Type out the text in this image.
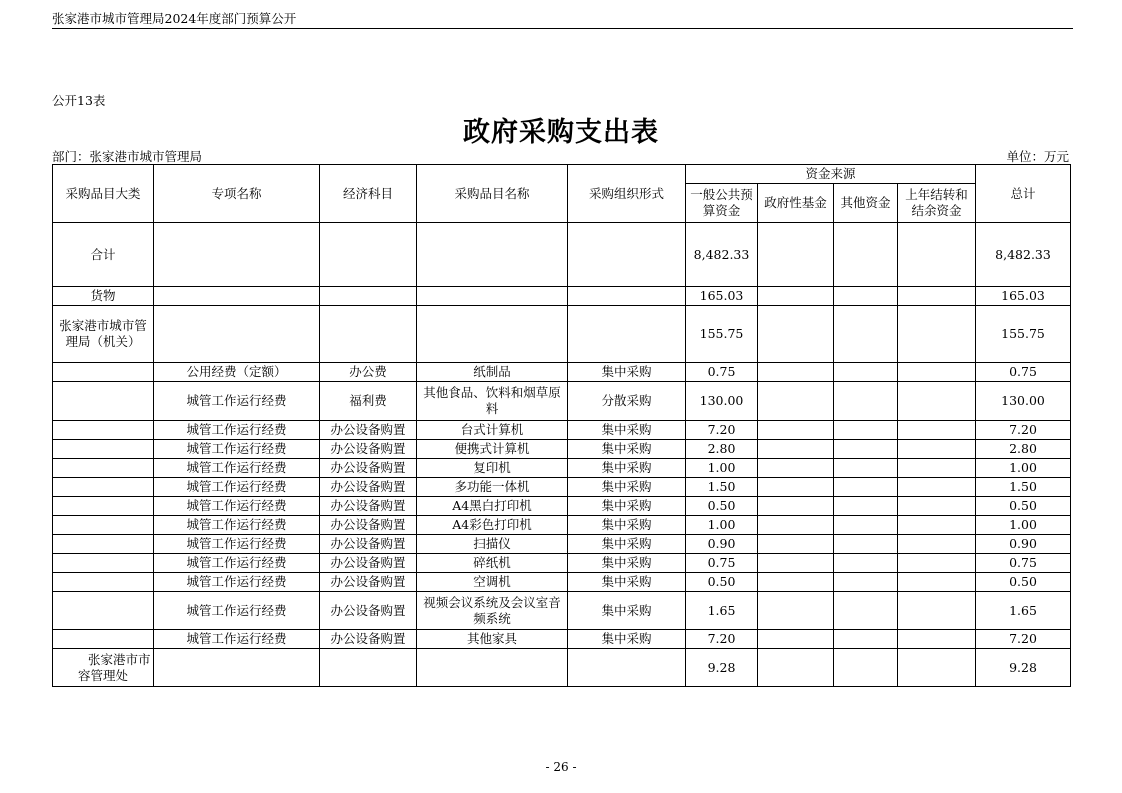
张家港市城市管理局2024年度部门预算公开
公开13表
政府采购支出表
部门：张家港市城市管理局	单位：万元
采购品目大类	专项名称	经济科目	采购品目名称	采购组织形式	资金来源				总计
					一般公共预算资金	政府性基金	其他资金	上年结转和结余资金	
合计					8,482.33				8,482.33
货物					165.03				165.03
张家港市城市管理局（机关）					155.75				155.75
	公用经费（定额）	办公费	纸制品	集中采购	0.75				0.75
	城管工作运行经费	福利费	其他食品、饮料和烟草原料	分散采购	130.00				130.00
	城管工作运行经费	办公设备购置	台式计算机	集中采购	7.20				7.20
	城管工作运行经费	办公设备购置	便携式计算机	集中采购	2.80				2.80
	城管工作运行经费	办公设备购置	复印机	集中采购	1.00				1.00
	城管工作运行经费	办公设备购置	多功能一体机	集中采购	1.50				1.50
	城管工作运行经费	办公设备购置	A4黑白打印机	集中采购	0.50				0.50
	城管工作运行经费	办公设备购置	A4彩色打印机	集中采购	1.00				1.00
	城管工作运行经费	办公设备购置	扫描仪	集中采购	0.90				0.90
	城管工作运行经费	办公设备购置	碎纸机	集中采购	0.75				0.75
	城管工作运行经费	办公设备购置	空调机	集中采购	0.50				0.50
	城管工作运行经费	办公设备购置	视频会议系统及会议室音频系统	集中采购	1.65				1.65
	城管工作运行经费	办公设备购置	其他家具	集中采购	7.20				7.20
张家港市市容管理处					9.28				9.28
- 26 -
